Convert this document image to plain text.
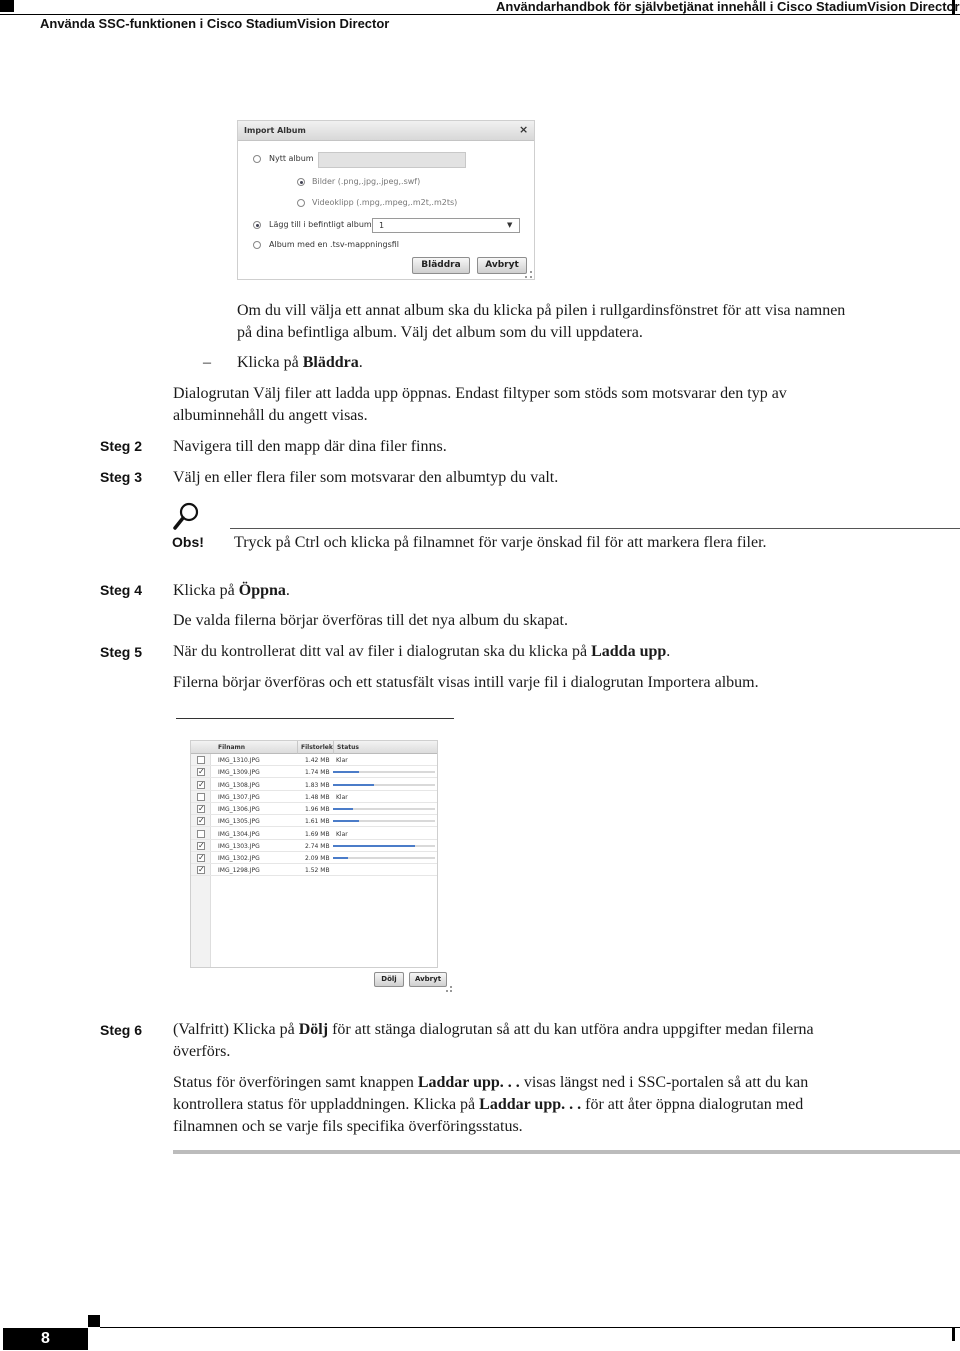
Använda SSC-funktionen i Cisco StadiumVision Director
Användarhandbok för självbetjänat innehåll i Cisco StadiumVision Director
Import Album	×
Nytt album
Bilder (.png,.jpg,.jpeg,.swf)
Videoklipp (.mpg,.mpeg,.m2t,.m2ts)
Lägg till i befintligt album 1	▼
Album med en .tsv-mappningsfil
Bläddra	Avbryt
Om du vill välja ett annat album ska du klicka på pilen i rullgardinsfönstret för att visa namnen
på dina befintliga album. Välj det album som du vill uppdatera.
– Klicka på Bläddra.
Dialogrutan Välj filer att ladda upp öppnas. Endast filtyper som stöds som motsvarar den typ av
albuminnehåll du angett visas.
Steg 2 Navigera till den mapp där dina filer finns.
Steg 3 Välj en eller flera filer som motsvarar den albumtyp du valt.
Obs! Tryck på Ctrl och klicka på filnamnet för varje önskad fil för att markera flera filer.
Steg 4 Klicka på Öppna.
De valda filerna börjar överföras till det nya album du skapat.
Steg 5 När du kontrollerat ditt val av filer i dialogrutan ska du klicka på Ladda upp.
Filerna börjar överföras och ett statusfält visas intill varje fil i dialogrutan Importera album.
Filnamn	Filstorlek Status
IMG_1310.JPG	1.42 MB Klar
✓ IMG_1309.JPG	1.74 MB
✓ IMG_1308.JPG	1.83 MB
IMG_1307.JPG	1.48 MB Klar
✓ IMG_1306.JPG	1.96 MB
✓ IMG_1305.JPG	1.61 MB
IMG_1304.JPG	1.69 MB Klar
✓ IMG_1303.JPG	2.74 MB
✓ IMG_1302.JPG	2.09 MB
✓ IMG_1298.JPG	1.52 MB
Dölj	Avbryt
Steg 6 (Valfritt) Klicka på Dölj för att stänga dialogrutan så att du kan utföra andra uppgifter medan filerna
överförs.
Status för överföringen samt knappen Laddar upp. . . visas längst ned i SSC-portalen så att du kan
kontrollera status för uppladdningen. Klicka på Laddar upp. . . för att åter öppna dialogrutan med
filnamnen och se varje fils specifika överföringsstatus.
8
